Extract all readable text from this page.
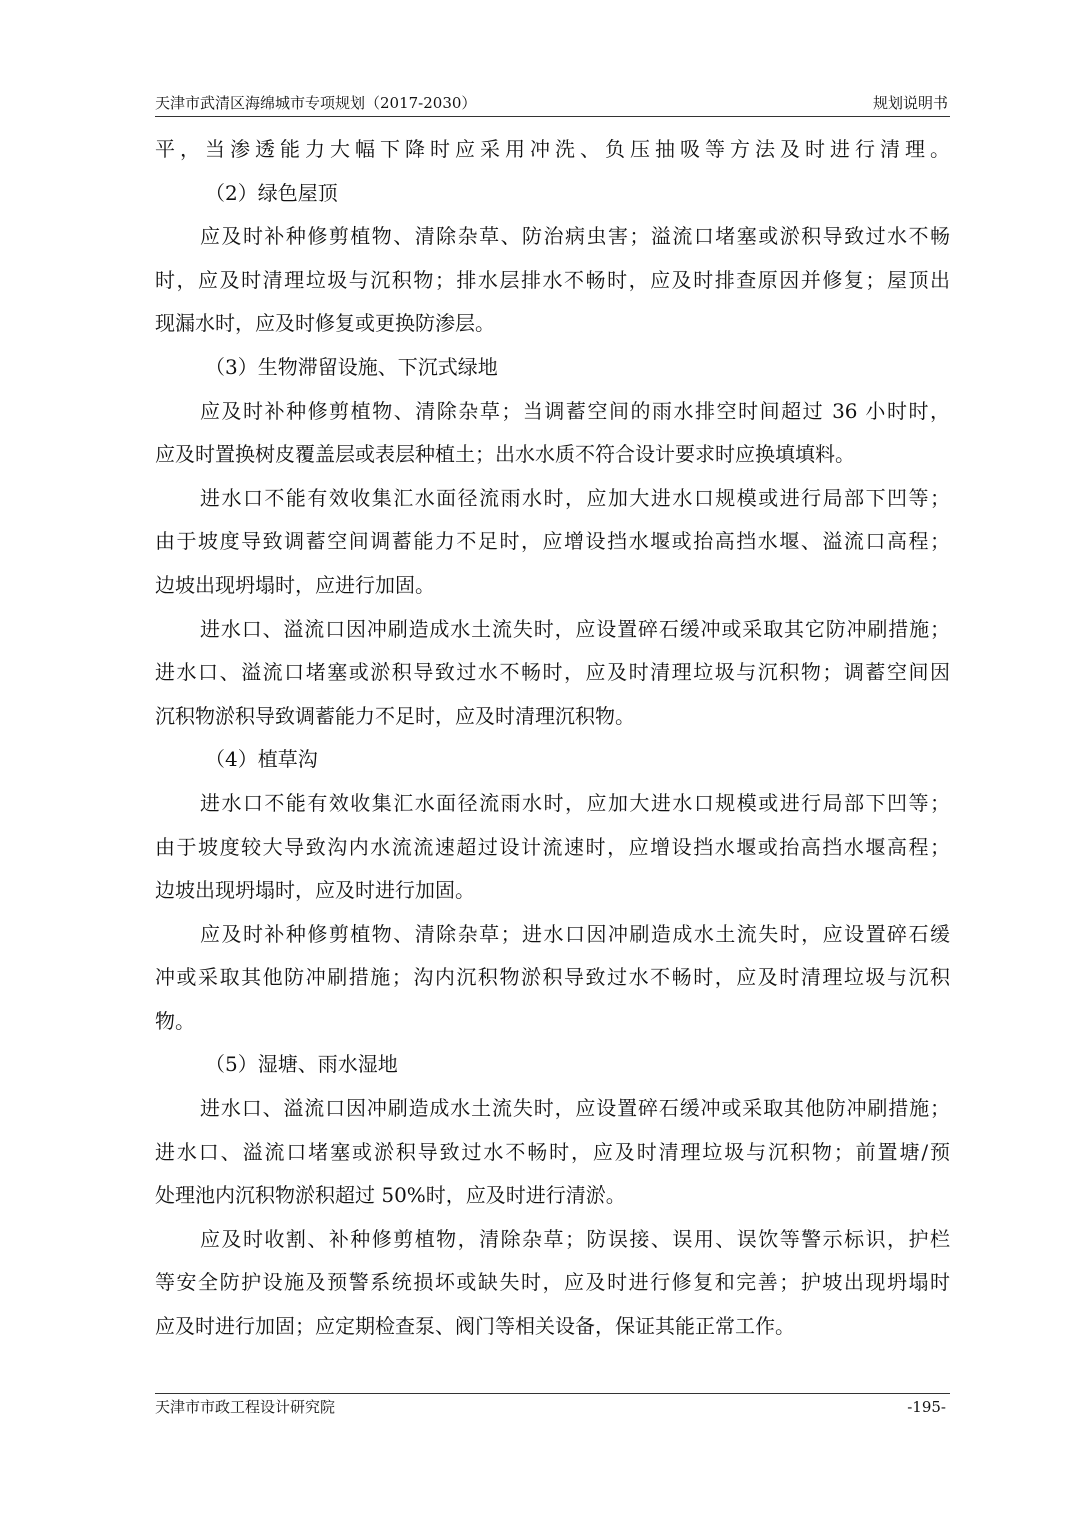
天津市武清区海绵城市专项规划（2017-2030）	规划说明书
平，当渗透能力大幅下降时应采用冲洗、负压抽吸等方法及时进行清理。
（2）绿色屋顶
应及时补种修剪植物、清除杂草、防治病虫害；溢流口堵塞或淤积导致过水不畅
时，应及时清理垃圾与沉积物；排水层排水不畅时，应及时排查原因并修复；屋顶出
现漏水时，应及时修复或更换防渗层。
（3）生物滞留设施、下沉式绿地
应及时补种修剪植物、清除杂草；当调蓄空间的雨水排空时间超过 36 小时时，
应及时置换树皮覆盖层或表层种植土；出水水质不符合设计要求时应换填填料。
进水口不能有效收集汇水面径流雨水时，应加大进水口规模或进行局部下凹等；
由于坡度导致调蓄空间调蓄能力不足时，应增设挡水堰或抬高挡水堰、溢流口高程；
边坡出现坍塌时，应进行加固。
进水口、溢流口因冲刷造成水土流失时，应设置碎石缓冲或采取其它防冲刷措施；
进水口、溢流口堵塞或淤积导致过水不畅时，应及时清理垃圾与沉积物；调蓄空间因
沉积物淤积导致调蓄能力不足时，应及时清理沉积物。
（4）植草沟
进水口不能有效收集汇水面径流雨水时，应加大进水口规模或进行局部下凹等；
由于坡度较大导致沟内水流流速超过设计流速时，应增设挡水堰或抬高挡水堰高程；
边坡出现坍塌时，应及时进行加固。
应及时补种修剪植物、清除杂草；进水口因冲刷造成水土流失时，应设置碎石缓
冲或采取其他防冲刷措施；沟内沉积物淤积导致过水不畅时，应及时清理垃圾与沉积
物。
（5）湿塘、雨水湿地
进水口、溢流口因冲刷造成水土流失时，应设置碎石缓冲或采取其他防冲刷措施；
进水口、溢流口堵塞或淤积导致过水不畅时，应及时清理垃圾与沉积物；前置塘/预
处理池内沉积物淤积超过 50%时，应及时进行清淤。
应及时收割、补种修剪植物，清除杂草；防误接、误用、误饮等警示标识，护栏
等安全防护设施及预警系统损坏或缺失时，应及时进行修复和完善；护坡出现坍塌时
应及时进行加固；应定期检查泵、阀门等相关设备，保证其能正常工作。
天津市市政工程设计研究院	-195-
